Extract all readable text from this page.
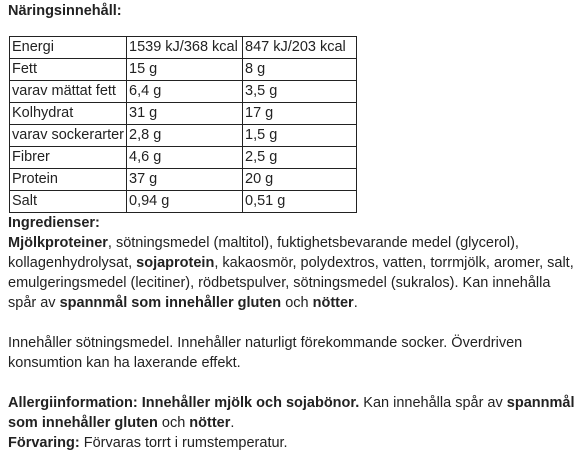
Näringsinnehåll:

Energi	1539 kJ/368 kcal	847 kJ/203 kcal
Fett	15 g	8 g
varav mättat fett	6,4 g	3,5 g
Kolhydrat	31 g	17 g
varav sockerarter	2,8 g	1,5 g
Fibrer	4,6 g	2,5 g
Protein	37 g	20 g
Salt	0,94 g	0,51 g

Ingredienser:

Mjölkproteiner, sötningsmedel (maltitol), fuktighetsbevarande medel (glycerol), kollagenhydrolysat, sojaprotein, kakaosmör, polydextros, vatten, torrmjölk, aromer, salt, emulgeringsmedel (lecitiner), rödbetspulver, sötningsmedel (sukralos). Kan innehålla spår av spannmål som innehåller gluten och nötter.

Innehåller sötningsmedel. Innehåller naturligt förekommande socker. Överdriven konsumtion kan ha laxerande effekt.

Allergiinformation: Innehåller mjölk och sojabönor. Kan innehålla spår av spannmål som innehåller gluten och nötter.

Förvaring: Förvaras torrt i rumstemperatur.
